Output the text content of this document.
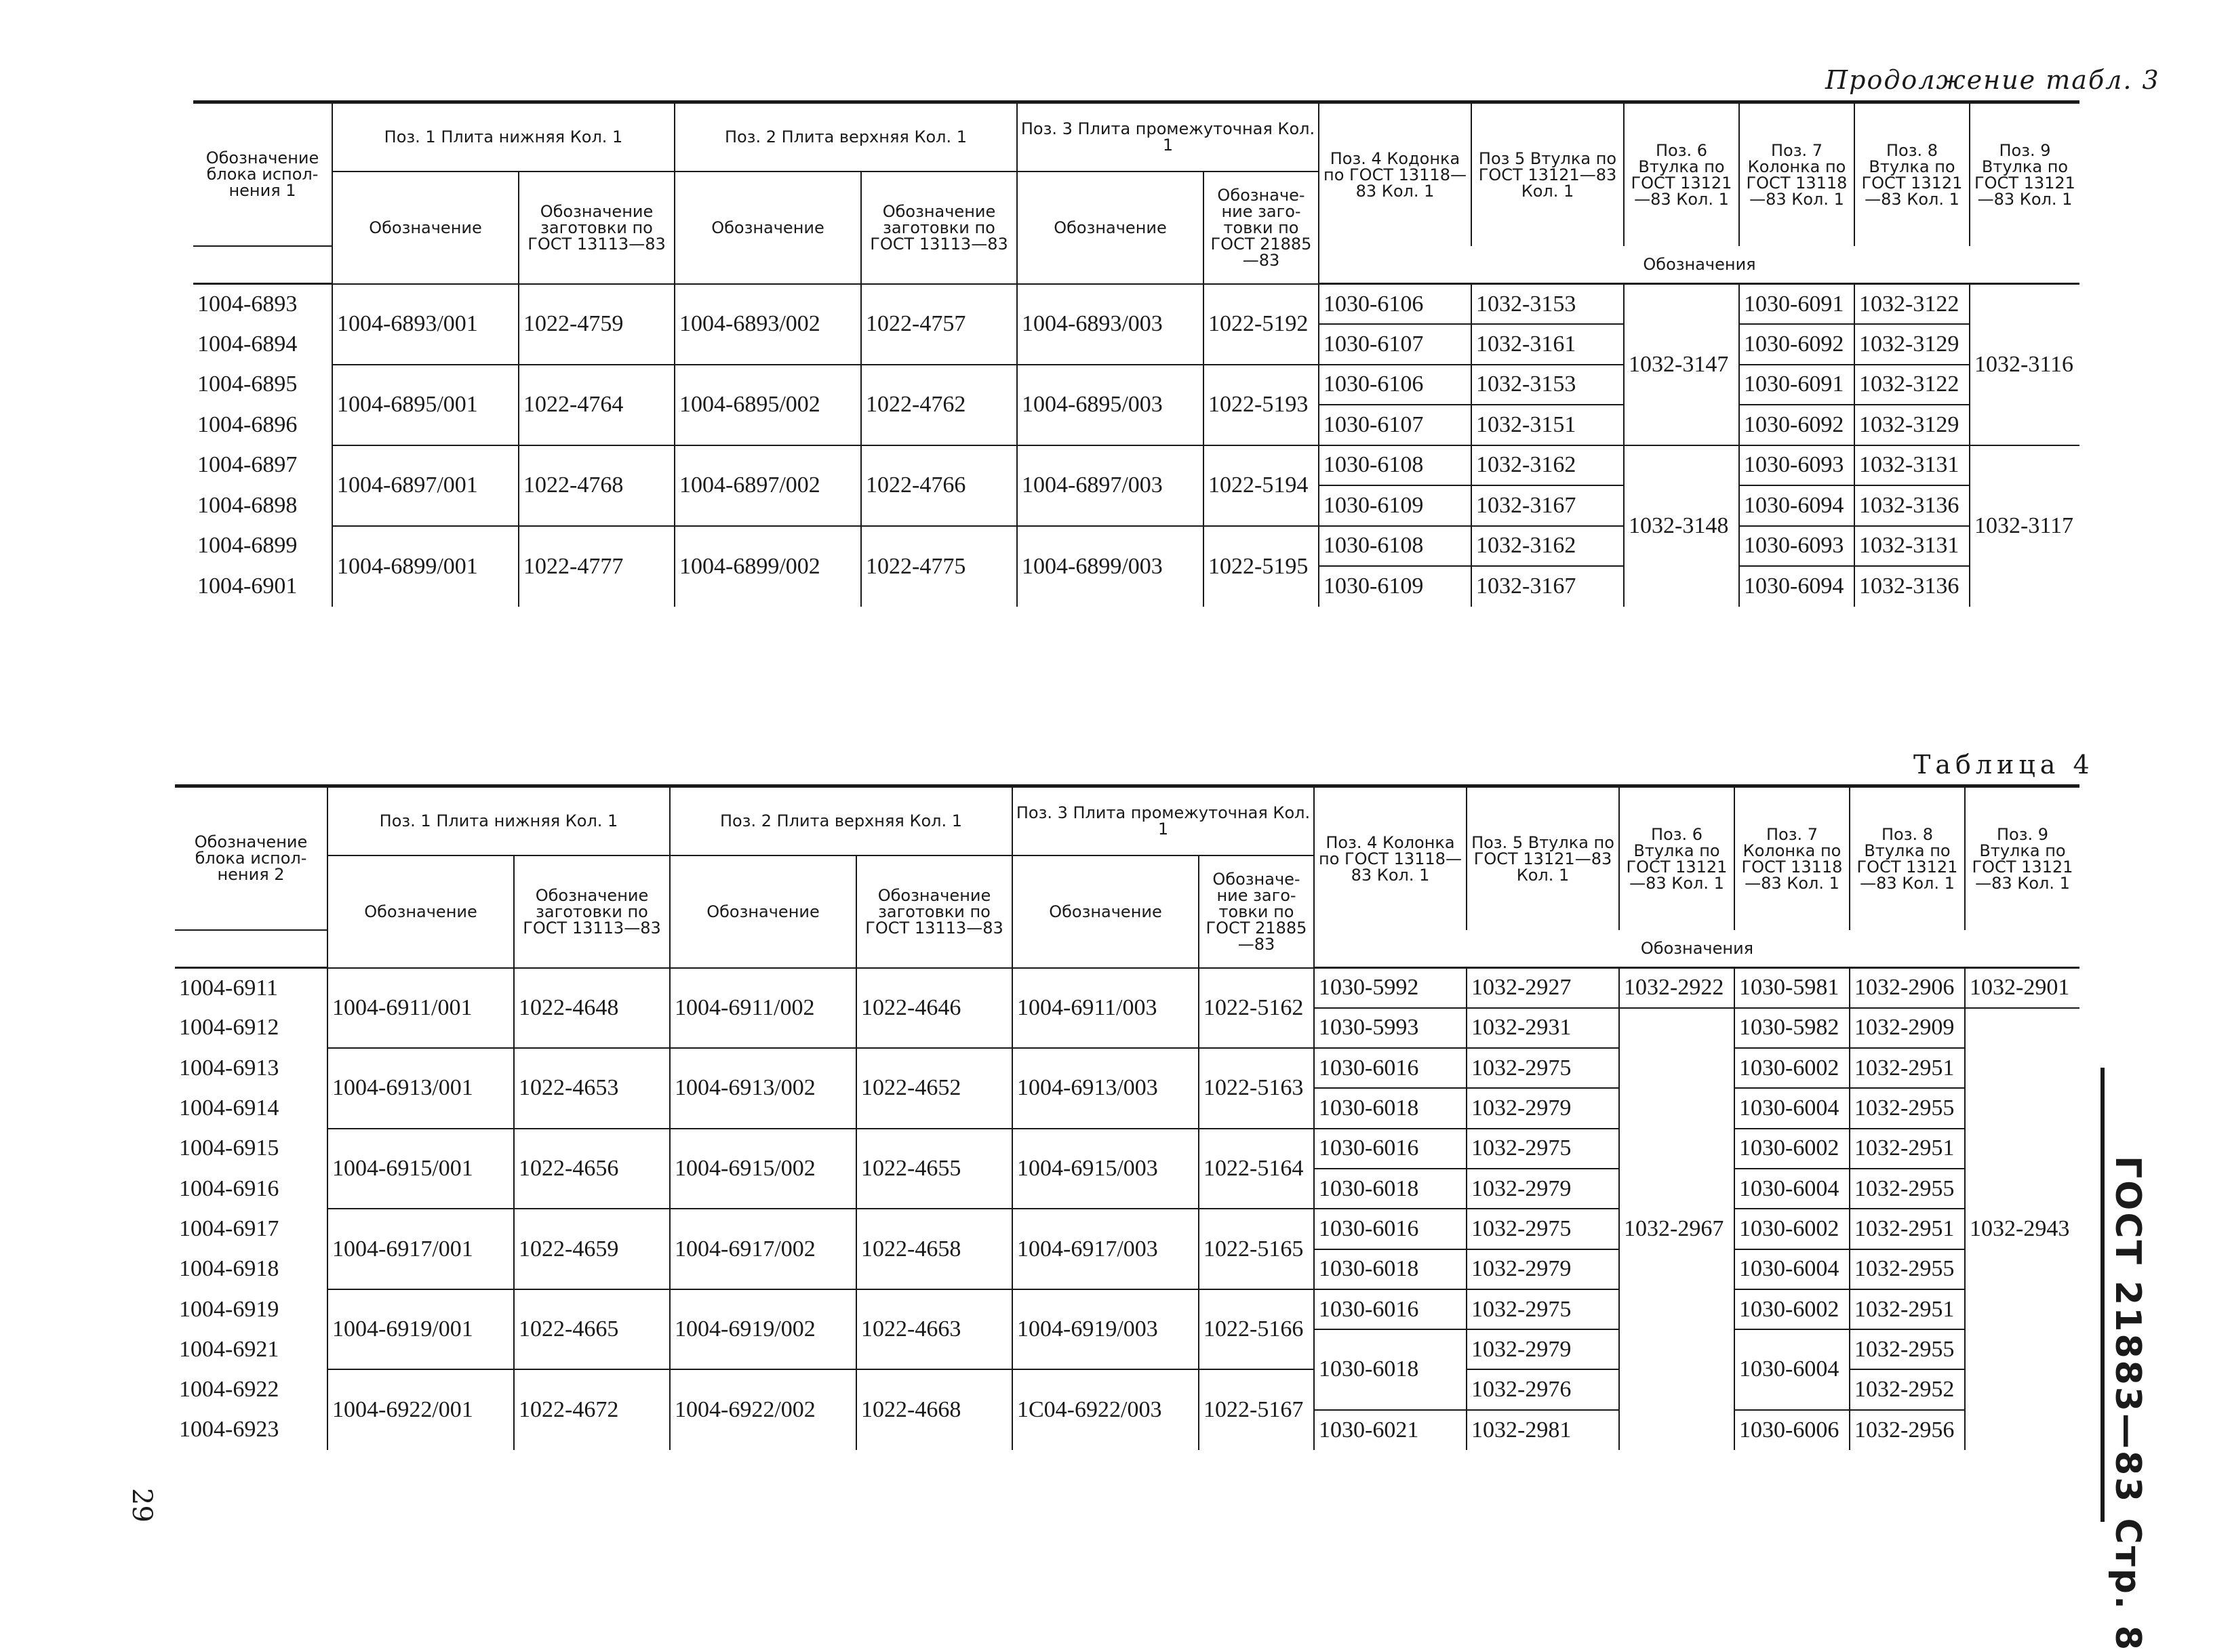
Продолжение табл. 3
Обозначение блока испол-нения 1	Поз. 1 Плита нижняя Кол. 1		Поз. 2 Плита верхняя Кол. 1		Поз. 3 Плита промежуточная Кол. 1		Поз. 4 Кодонка по ГОСТ 13118—83 Кол. 1	Поз 5 Втулка по ГОСТ 13121—83 Кол. 1	Поз. 6 Втулка по ГОСТ 13121—83 Кол. 1	Поз. 7 Колонка по ГОСТ 13118—83 Кол. 1	Поз. 8 Втулка по ГОСТ 13121—83 Кол. 1	Поз. 9 Втулка по ГОСТ 13121—83 Кол. 1
	Обозначение	Обозначение заготовки по ГОСТ 13113—83	Обозначение	Обозначение заготовки по ГОСТ 13113—83	Обозначение	Обозначе-ние заго-товки по ГОСТ 21885—83						
							Обозначения					
1004-6893	1004-6893/001	1022-4759	1004-6893/002	1022-4757	1004-6893/003	1022-5192	1030-6106	1032-3153	1032-3147	1030-6091	1032-3122	1032-3116
1004-6894							1030-6107	1032-3161		1030-6092	1032-3129	
1004-6895	1004-6895/001	1022-4764	1004-6895/002	1022-4762	1004-6895/003	1022-5193	1030-6106	1032-3153		1030-6091	1032-3122	
1004-6896							1030-6107	1032-3151		1030-6092	1032-3129	
1004-6897	1004-6897/001	1022-4768	1004-6897/002	1022-4766	1004-6897/003	1022-5194	1030-6108	1032-3162	1032-3148	1030-6093	1032-3131	1032-3117
1004-6898							1030-6109	1032-3167		1030-6094	1032-3136	
1004-6899	1004-6899/001	1022-4777	1004-6899/002	1022-4775	1004-6899/003	1022-5195	1030-6108	1032-3162		1030-6093	1032-3131	
1004-6901							1030-6109	1032-3167		1030-6094	1032-3136	
Таблица 4
Обозначение блока испол-нения 2	Поз. 1 Плита нижняя Кол. 1		Поз. 2 Плита верхняя Кол. 1		Поз. 3 Плита промежуточная Кол. 1		Поз. 4 Колонка по ГОСТ 13118—83 Кол. 1	Поз. 5 Втулка по ГОСТ 13121—83 Кол. 1	Поз. 6 Втулка по ГОСТ 13121—83 Кол. 1	Поз. 7 Колонка по ГОСТ 13118—83 Кол. 1	Поз. 8 Втулка по ГОСТ 13121—83 Кол. 1	Поз. 9 Втулка по ГОСТ 13121—83 Кол. 1
	Обозначение	Обозначение заготовки по ГОСТ 13113—83	Обозначение	Обозначение заготовки по ГОСТ 13113—83	Обозначение	Обозначе-ние заго-товки по ГОСТ 21885—83						
							Обозначения					
1004-6911	1004-6911/001	1022-4648	1004-6911/002	1022-4646	1004-6911/003	1022-5162	1030-5992	1032-2927	1032-2922	1030-5981	1032-2906	1032-2901
1004-6912							1030-5993	1032-2931	1032-2967	1030-5982	1032-2909	1032-2943
1004-6913	1004-6913/001	1022-4653	1004-6913/002	1022-4652	1004-6913/003	1022-5163	1030-6016	1032-2975		1030-6002	1032-2951	
1004-6914							1030-6018	1032-2979		1030-6004	1032-2955	
1004-6915	1004-6915/001	1022-4656	1004-6915/002	1022-4655	1004-6915/003	1022-5164	1030-6016	1032-2975		1030-6002	1032-2951	
1004-6916							1030-6018	1032-2979		1030-6004	1032-2955	
1004-6917	1004-6917/001	1022-4659	1004-6917/002	1022-4658	1004-6917/003	1022-5165	1030-6016	1032-2975		1030-6002	1032-2951	
1004-6918							1030-6018	1032-2979		1030-6004	1032-2955	
1004-6919	1004-6919/001	1022-4665	1004-6919/002	1022-4663	1004-6919/003	1022-5166	1030-6016	1032-2975		1030-6002	1032-2951	
1004-6921							1030-6018	1032-2979		1030-6004	1032-2955	
1004-6922	1004-6922/001	1022-4672	1004-6922/002	1022-4668	1C04-6922/003	1022-5167		1032-2976			1032-2952	
1004-6923							1030-6021	1032-2981		1030-6006	1032-2956		ГОСТ 21883—83 Стр. 8
29
